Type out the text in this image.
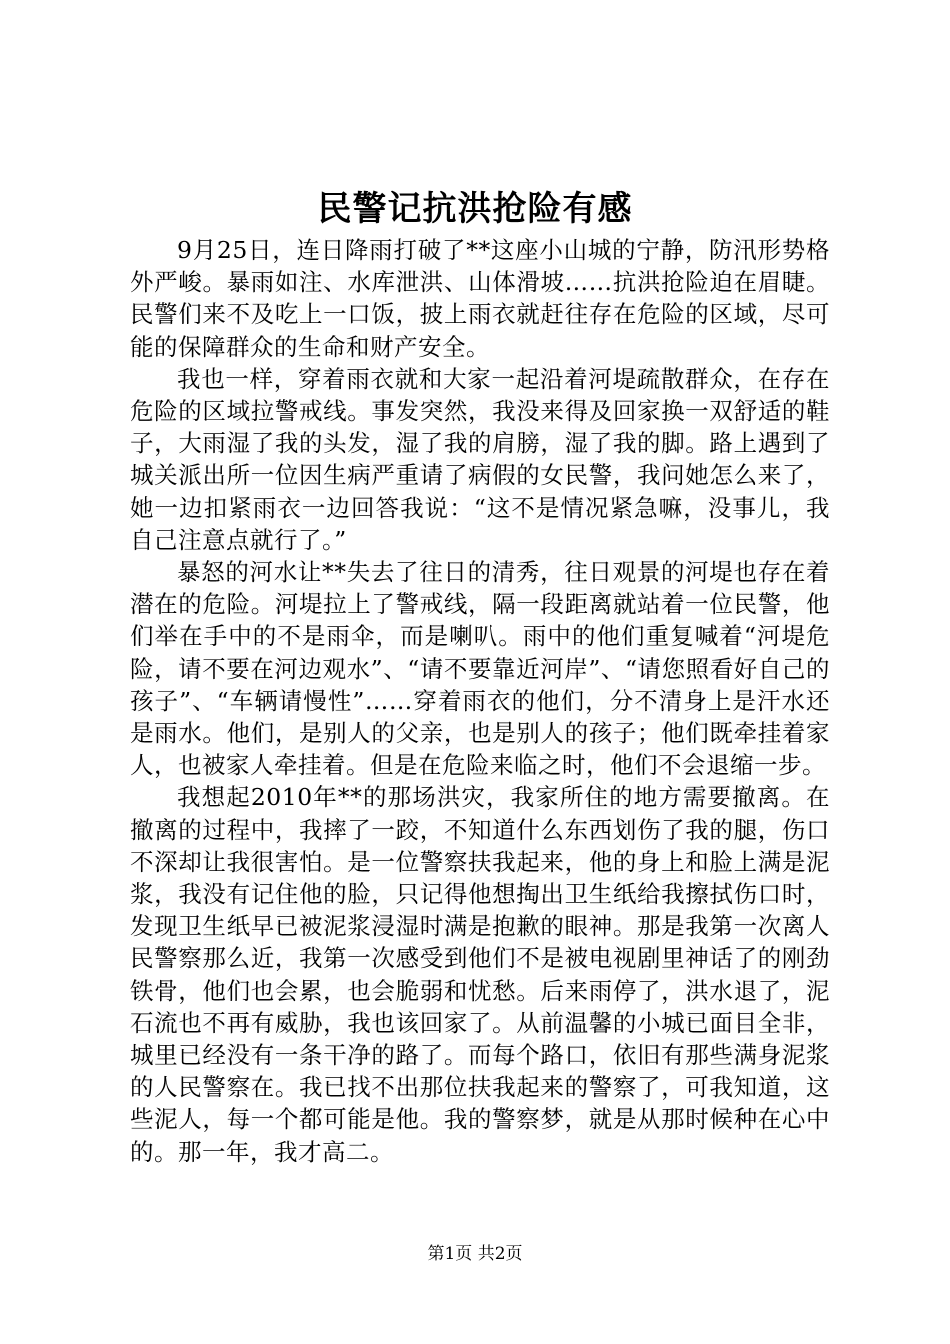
民警记抗洪抢险有感

9月25日，连日降雨打破了**这座小山城的宁静，防汛形势格外严峻。暴雨如注、水库泄洪、山体滑坡……抗洪抢险迫在眉睫。民警们来不及吃上一口饭，披上雨衣就赶往存在危险的区域，尽可能的保障群众的生命和财产安全。

我也一样，穿着雨衣就和大家一起沿着河堤疏散群众，在存在危险的区域拉警戒线。事发突然，我没来得及回家换一双舒适的鞋子，大雨湿了我的头发，湿了我的肩膀，湿了我的脚。路上遇到了城关派出所一位因生病严重请了病假的女民警，我问她怎么来了，她一边扣紧雨衣一边回答我说：“这不是情况紧急嘛，没事儿，我自己注意点就行了。”

暴怒的河水让**失去了往日的清秀，往日观景的河堤也存在着潜在的危险。河堤拉上了警戒线，隔一段距离就站着一位民警，他们举在手中的不是雨伞，而是喇叭。雨中的他们重复喊着“河堤危险，请不要在河边观水”、“请不要靠近河岸”、“请您照看好自己的孩子”、“车辆请慢性”……穿着雨衣的他们，分不清身上是汗水还是雨水。他们，是别人的父亲，也是别人的孩子；他们既牵挂着家人，也被家人牵挂着。但是在危险来临之时，他们不会退缩一步。

我想起2010年**的那场洪灾，我家所住的地方需要撤离。在撤离的过程中，我摔了一跤，不知道什么东西划伤了我的腿，伤口不深却让我很害怕。是一位警察扶我起来，他的身上和脸上满是泥浆，我没有记住他的脸，只记得他想掏出卫生纸给我擦拭伤口时，发现卫生纸早已被泥浆浸湿时满是抱歉的眼神。那是我第一次离人民警察那么近，我第一次感受到他们不是被电视剧里神话了的刚劲铁骨，他们也会累，也会脆弱和忧愁。后来雨停了，洪水退了，泥石流也不再有威胁，我也该回家了。从前温馨的小城已面目全非，城里已经没有一条干净的路了。而每个路口，依旧有那些满身泥浆的人民警察在。我已找不出那位扶我起来的警察了，可我知道，这些泥人，每一个都可能是他。我的警察梦，就是从那时候种在心中的。那一年，我才高二。

第1页 共2页
